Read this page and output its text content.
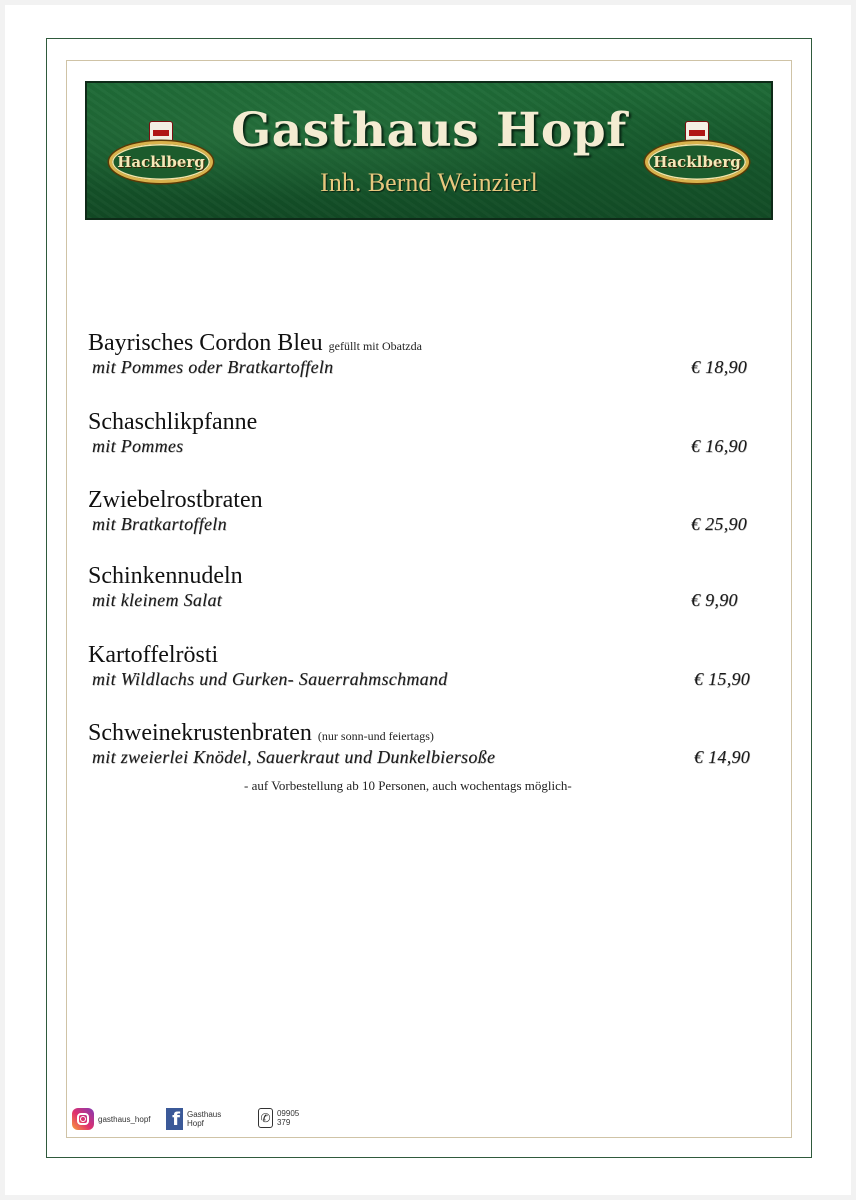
Hacklberg
Gasthaus Hopf
Inh. Bernd Weinzierl
Hacklberg
Bayrisches Cordon Bleu gefüllt mit Obatzda
mit Pommes oder Bratkartoffeln	€ 18,90
Schaschlikpfanne
mit Pommes	€ 16,90
Zwiebelrostbraten
mit Bratkartoffeln	€ 25,90
Schinkennudeln
mit kleinem Salat	€ 9,90
Kartoffelrösti
mit Wildlachs und Gurken- Sauerrahmschmand	€ 15,90
Schweinekrustenbraten (nur sonn-und feiertags)
mit zweierlei Knödel, Sauerkraut und Dunkelbiersoße	€ 14,90
- auf Vorbestellung ab 10 Personen, auch wochentags möglich-
gasthaus_hopf	f Gasthaus Hopf	✆ 09905 379
